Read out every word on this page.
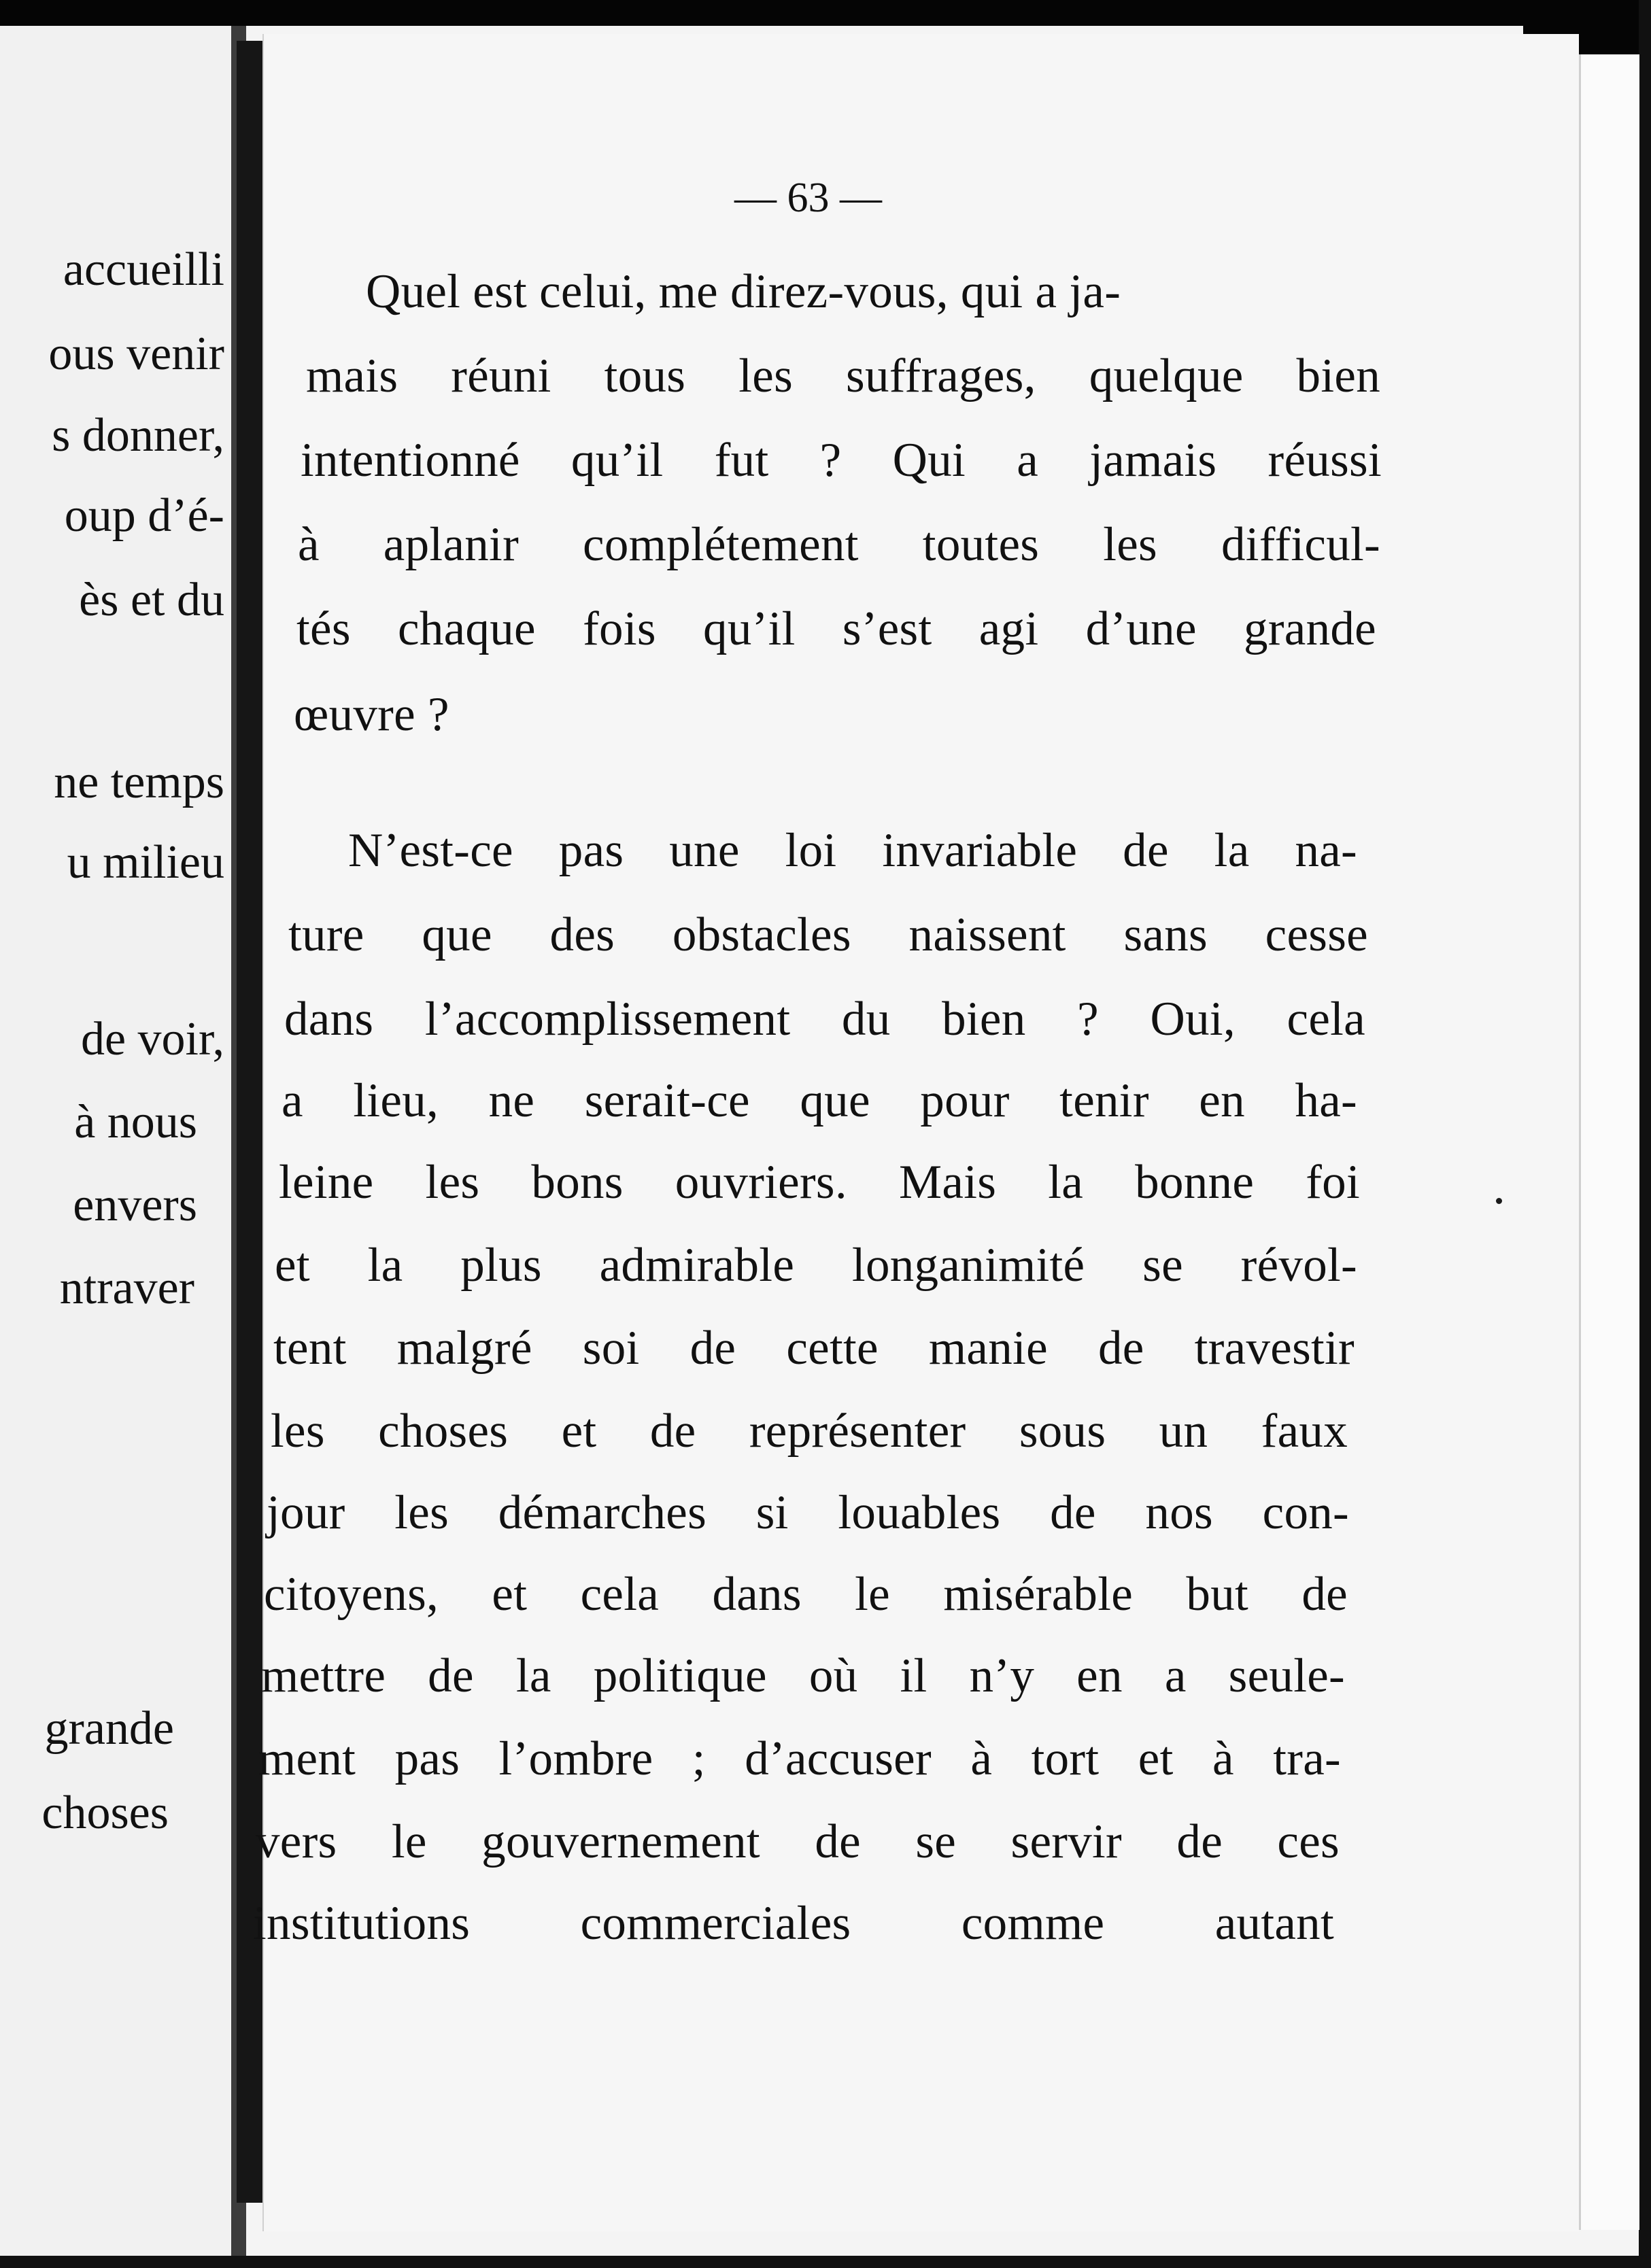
accueilli
ous venir
s donner,
oup d’é-
ès et du
ne temps
u milieu
de voir,
à nous
envers
ntraver
grande
choses
— 63 —
Quel est celui, me direz-vous, qui a ja-
mais réuni tous les suffrages, quelque bien
intentionné qu’il fut ? Qui a jamais réussi
à aplanir complétement toutes les difficul-
tés chaque fois qu’il s’est agi d’une grande
œuvre ?
N’est-ce pas une loi invariable de la na-
ture que des obstacles naissent sans cesse
dans l’accomplissement du bien ? Oui, cela
a lieu, ne serait-ce que pour tenir en ha-
leine les bons ouvriers. Mais la bonne foi
et la plus admirable longanimité se révol-
tent malgré soi de cette manie de travestir
les choses et de représenter sous un faux
jour les démarches si louables de nos con-
citoyens, et cela dans le misérable but de
mettre de la politique où il n’y en a seule-
ment pas l’ombre ; d’accuser à tort et à tra-
vers le gouvernement de se servir de ces
institutions commerciales comme autant
